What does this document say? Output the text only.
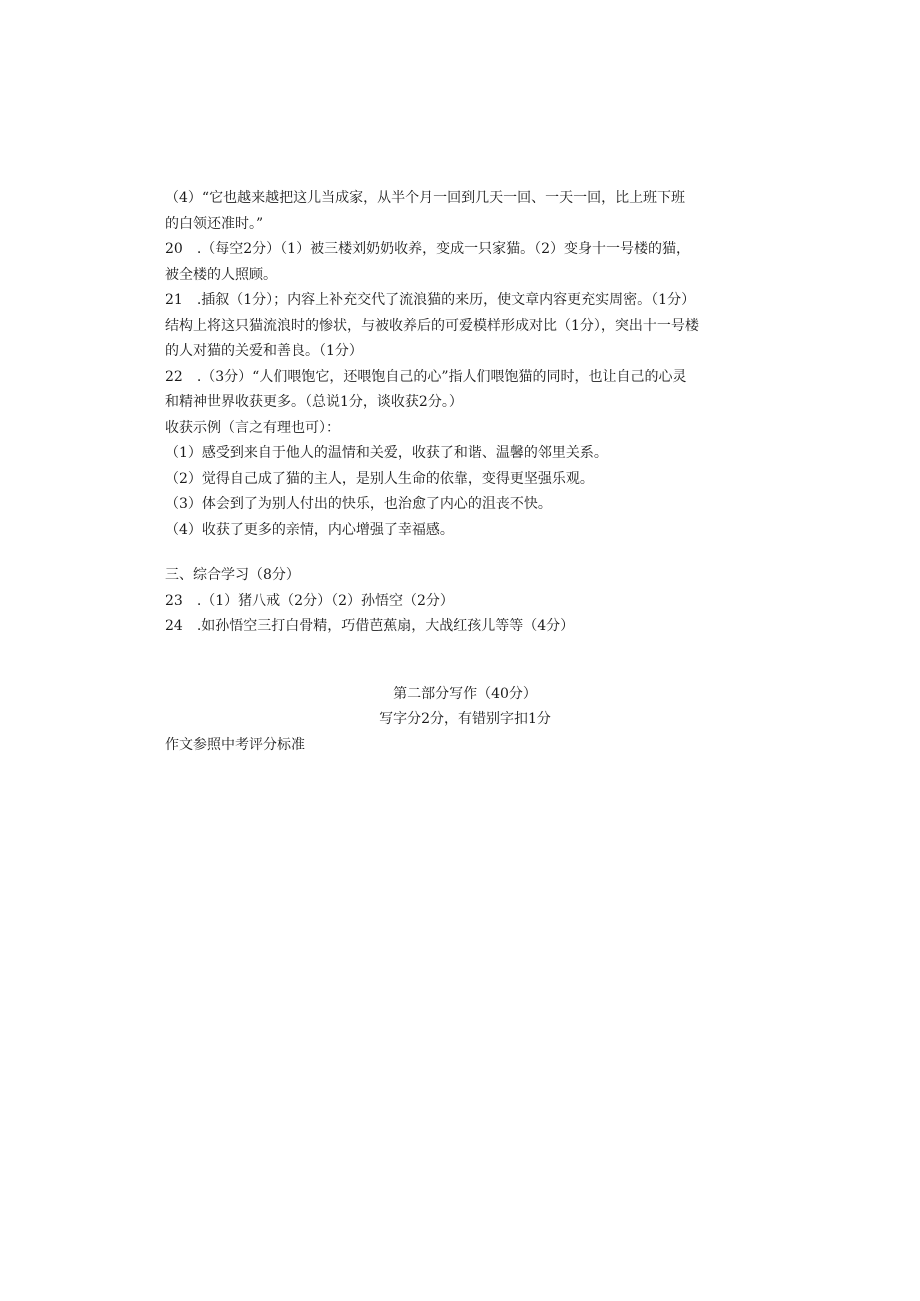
（4）“它也越来越把这儿当成家，从半个月一回到几天一回、一天一回，比上班下班
的白领还准时。”
20　.（每空2分）（1）被三楼刘奶奶收养，变成一只家猫。（2）变身十一号楼的猫，
被全楼的人照顾。
21　.插叙（1分）；内容上补充交代了流浪猫的来历，使文章内容更充实周密。（1分）
结构上将这只猫流浪时的惨状，与被收养后的可爱模样形成对比（1分），突出十一号楼
的人对猫的关爱和善良。（1分）
22　.（3分）“人们喂饱它，还喂饱自己的心”指人们喂饱猫的同时，也让自己的心灵
和精神世界收获更多。（总说1分，谈收获2分。）
收获示例（言之有理也可）：
（1）感受到来自于他人的温情和关爱，收获了和谐、温馨的邻里关系。
（2）觉得自己成了猫的主人，是别人生命的依靠，变得更坚强乐观。
（3）体会到了为别人付出的快乐，也治愈了内心的沮丧不快。
（4）收获了更多的亲情，内心增强了幸福感。
三、综合学习（8分）
23　.（1）猪八戒（2分）（2）孙悟空（2分）
24　.如孙悟空三打白骨精，巧借芭蕉扇，大战红孩儿等等（4分）
第二部分写作（40分）
写字分2分，有错别字扣1分
作文参照中考评分标准
